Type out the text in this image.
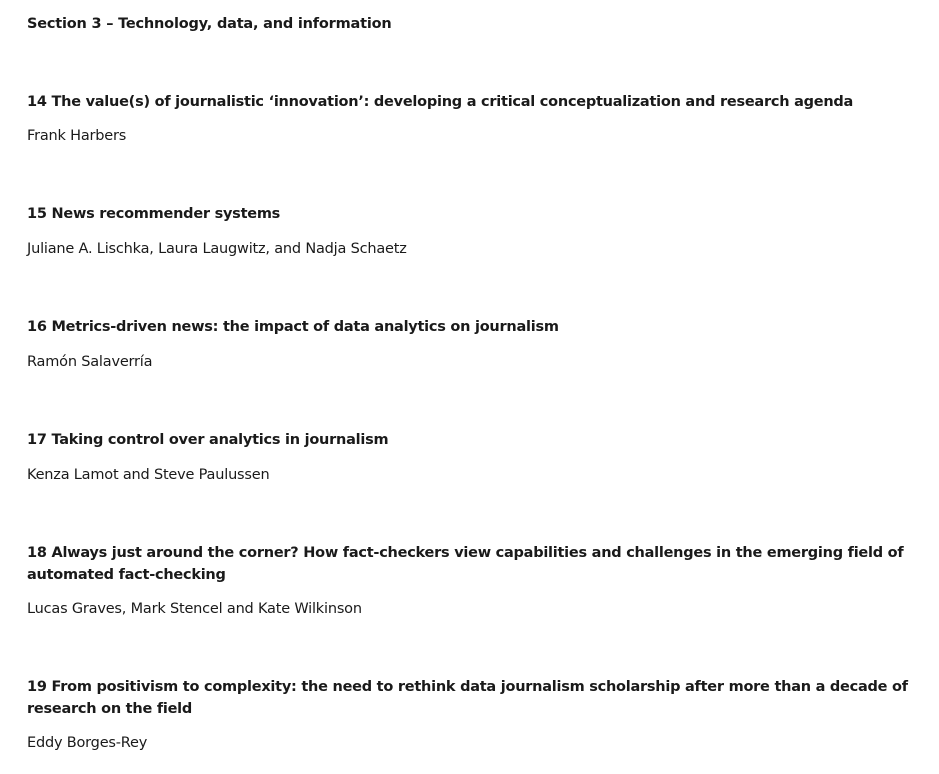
Section 3 – Technology, data, and information

14 The value(s) of journalistic ‘innovation’: developing a critical conceptualization and research agenda

Frank Harbers

15 News recommender systems

Juliane A. Lischka, Laura Laugwitz, and Nadja Schaetz

16 Metrics-driven news: the impact of data analytics on journalism

Ramón Salaverría

17 Taking control over analytics in journalism

Kenza Lamot and Steve Paulussen

18 Always just around the corner? How fact-checkers view capabilities and challenges in the emerging field of automated fact-checking

Lucas Graves, Mark Stencel and Kate Wilkinson

19 From positivism to complexity: the need to rethink data journalism scholarship after more than a decade of research on the field

Eddy Borges-Rey
